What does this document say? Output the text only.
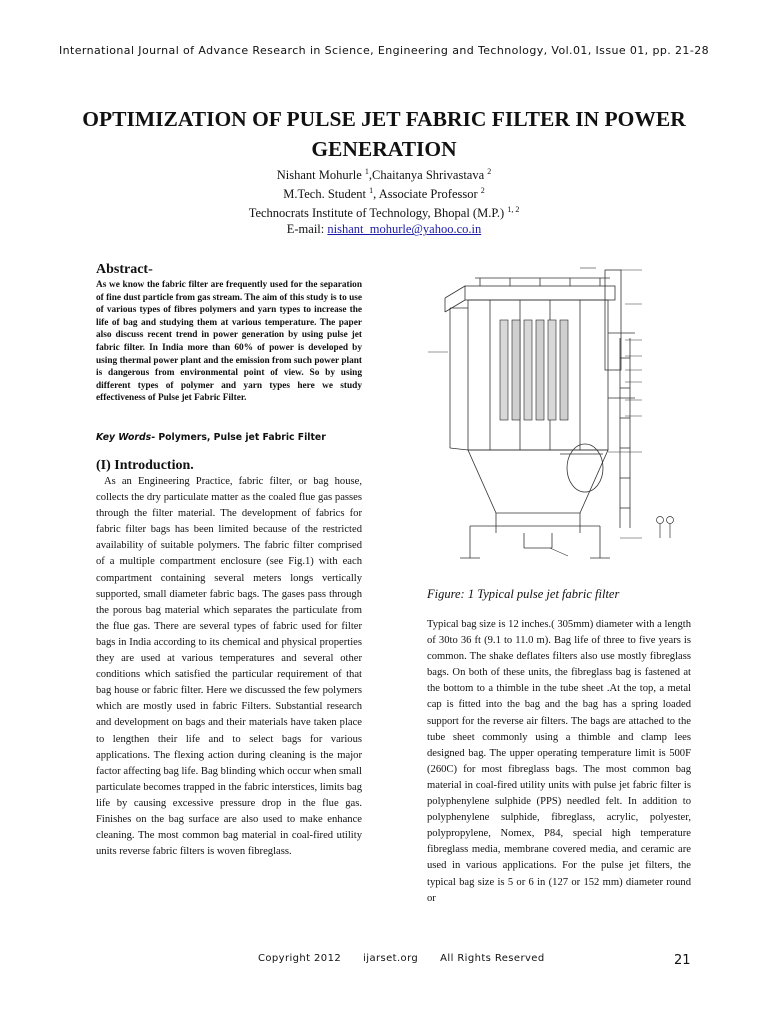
International Journal of Advance Research in Science, Engineering and Technology, Vol.01, Issue 01, pp. 21-28
OPTIMIZATION OF PULSE JET FABRIC FILTER IN POWER GENERATION
Nishant Mohurle $^1$,Chaitanya Shrivastava $^2$
M.Tech. Student $^1$, Associate Professor $^2$
Technocrats Institute of Technology, Bhopal (M.P.) $^{1, 2}$
E-mail: nishant_mohurle@yahoo.co.in
Abstract-
As we know the fabric filter are frequently used for the separation of fine dust particle from gas stream. The aim of this study is to use of various types of fibres polymers and yarn types to increase the life of bag and studying them at various temperature. The paper also discuss recent trend in power generation by using pulse jet fabric filter. In India more than 60% of power is developed by using thermal power plant and the emission from such power plant is dangerous from environmental point of view. So by using different types of polymer and yarn types here we study effectiveness of Pulse jet Fabric Filter.
Key Words- Polymers, Pulse jet Fabric Filter
(I) Introduction.

As an Engineering Practice, fabric filter, or bag house, collects the dry particulate matter as the coaled flue gas passes through the filter material. The development of fabrics for fabric filter bags has been limited because of the restricted availability of suitable polymers. The fabric filter comprised of a multiple compartment enclosure (see Fig.1) with each compartment containing several meters longs vertically supported, small diameter fabric bags. The gases pass through the porous bag material which separates the particulate from the flue gas. There are several types of fabric used for filter bags in India according to its chemical and physical properties they are used at various temperatures and several other conditions which satisfied the particular requirement of that bag house or fabric filter. Here we discussed the few polymers which are mostly used in fabric Filters. Substantial research and development on bags and their materials have taken place to lengthen their life and to select bags for various applications. The flexing action during cleaning is the major factor affecting bag life. Bag blinding which occur when small particulate becomes trapped in the fabric interstices, limits bag life by causing excessive pressure drop in the flue gas. Finishes on the bag surface are also used to make enhance cleaning. The most common bag material in coal-fired utility units reverse fabric filters is woven fibreglass.

Figure: 1 Typical pulse jet fabric filter
Typical bag size is 12 inches.( 305mm) diameter with a length of 30to 36 ft (9.1 to 11.0 m). Bag life of three to five years is common. The shake deflates filters also use mostly fibreglass bags. On both of these units, the fibreglass bag is fastened at the bottom to a thimble in the tube sheet .At the top, a metal cap is fitted into the bag and the bag has a spring loaded support for the reverse air filters. The bags are attached to the tube sheet commonly using a thimble and clamp lees designed bag. The upper operating temperature limit is 500F (260C) for most fibreglass bags. The most common bag material in coal-fired utility units with pulse jet fabric filter is polyphenylene sulphide (PPS) needled felt. In addition to polyphenylene sulphide, fibreglass, acrylic, polyester, polypropylene, Nomex, P84, special high temperature fibreglass media, membrane covered media, and ceramic are used in various applications. For the pulse jet filters, the typical bag size is 5 or 6 in (127 or 152 mm) diameter round or
Copyright 2012 ijarset.org All Rights Reserved	21
